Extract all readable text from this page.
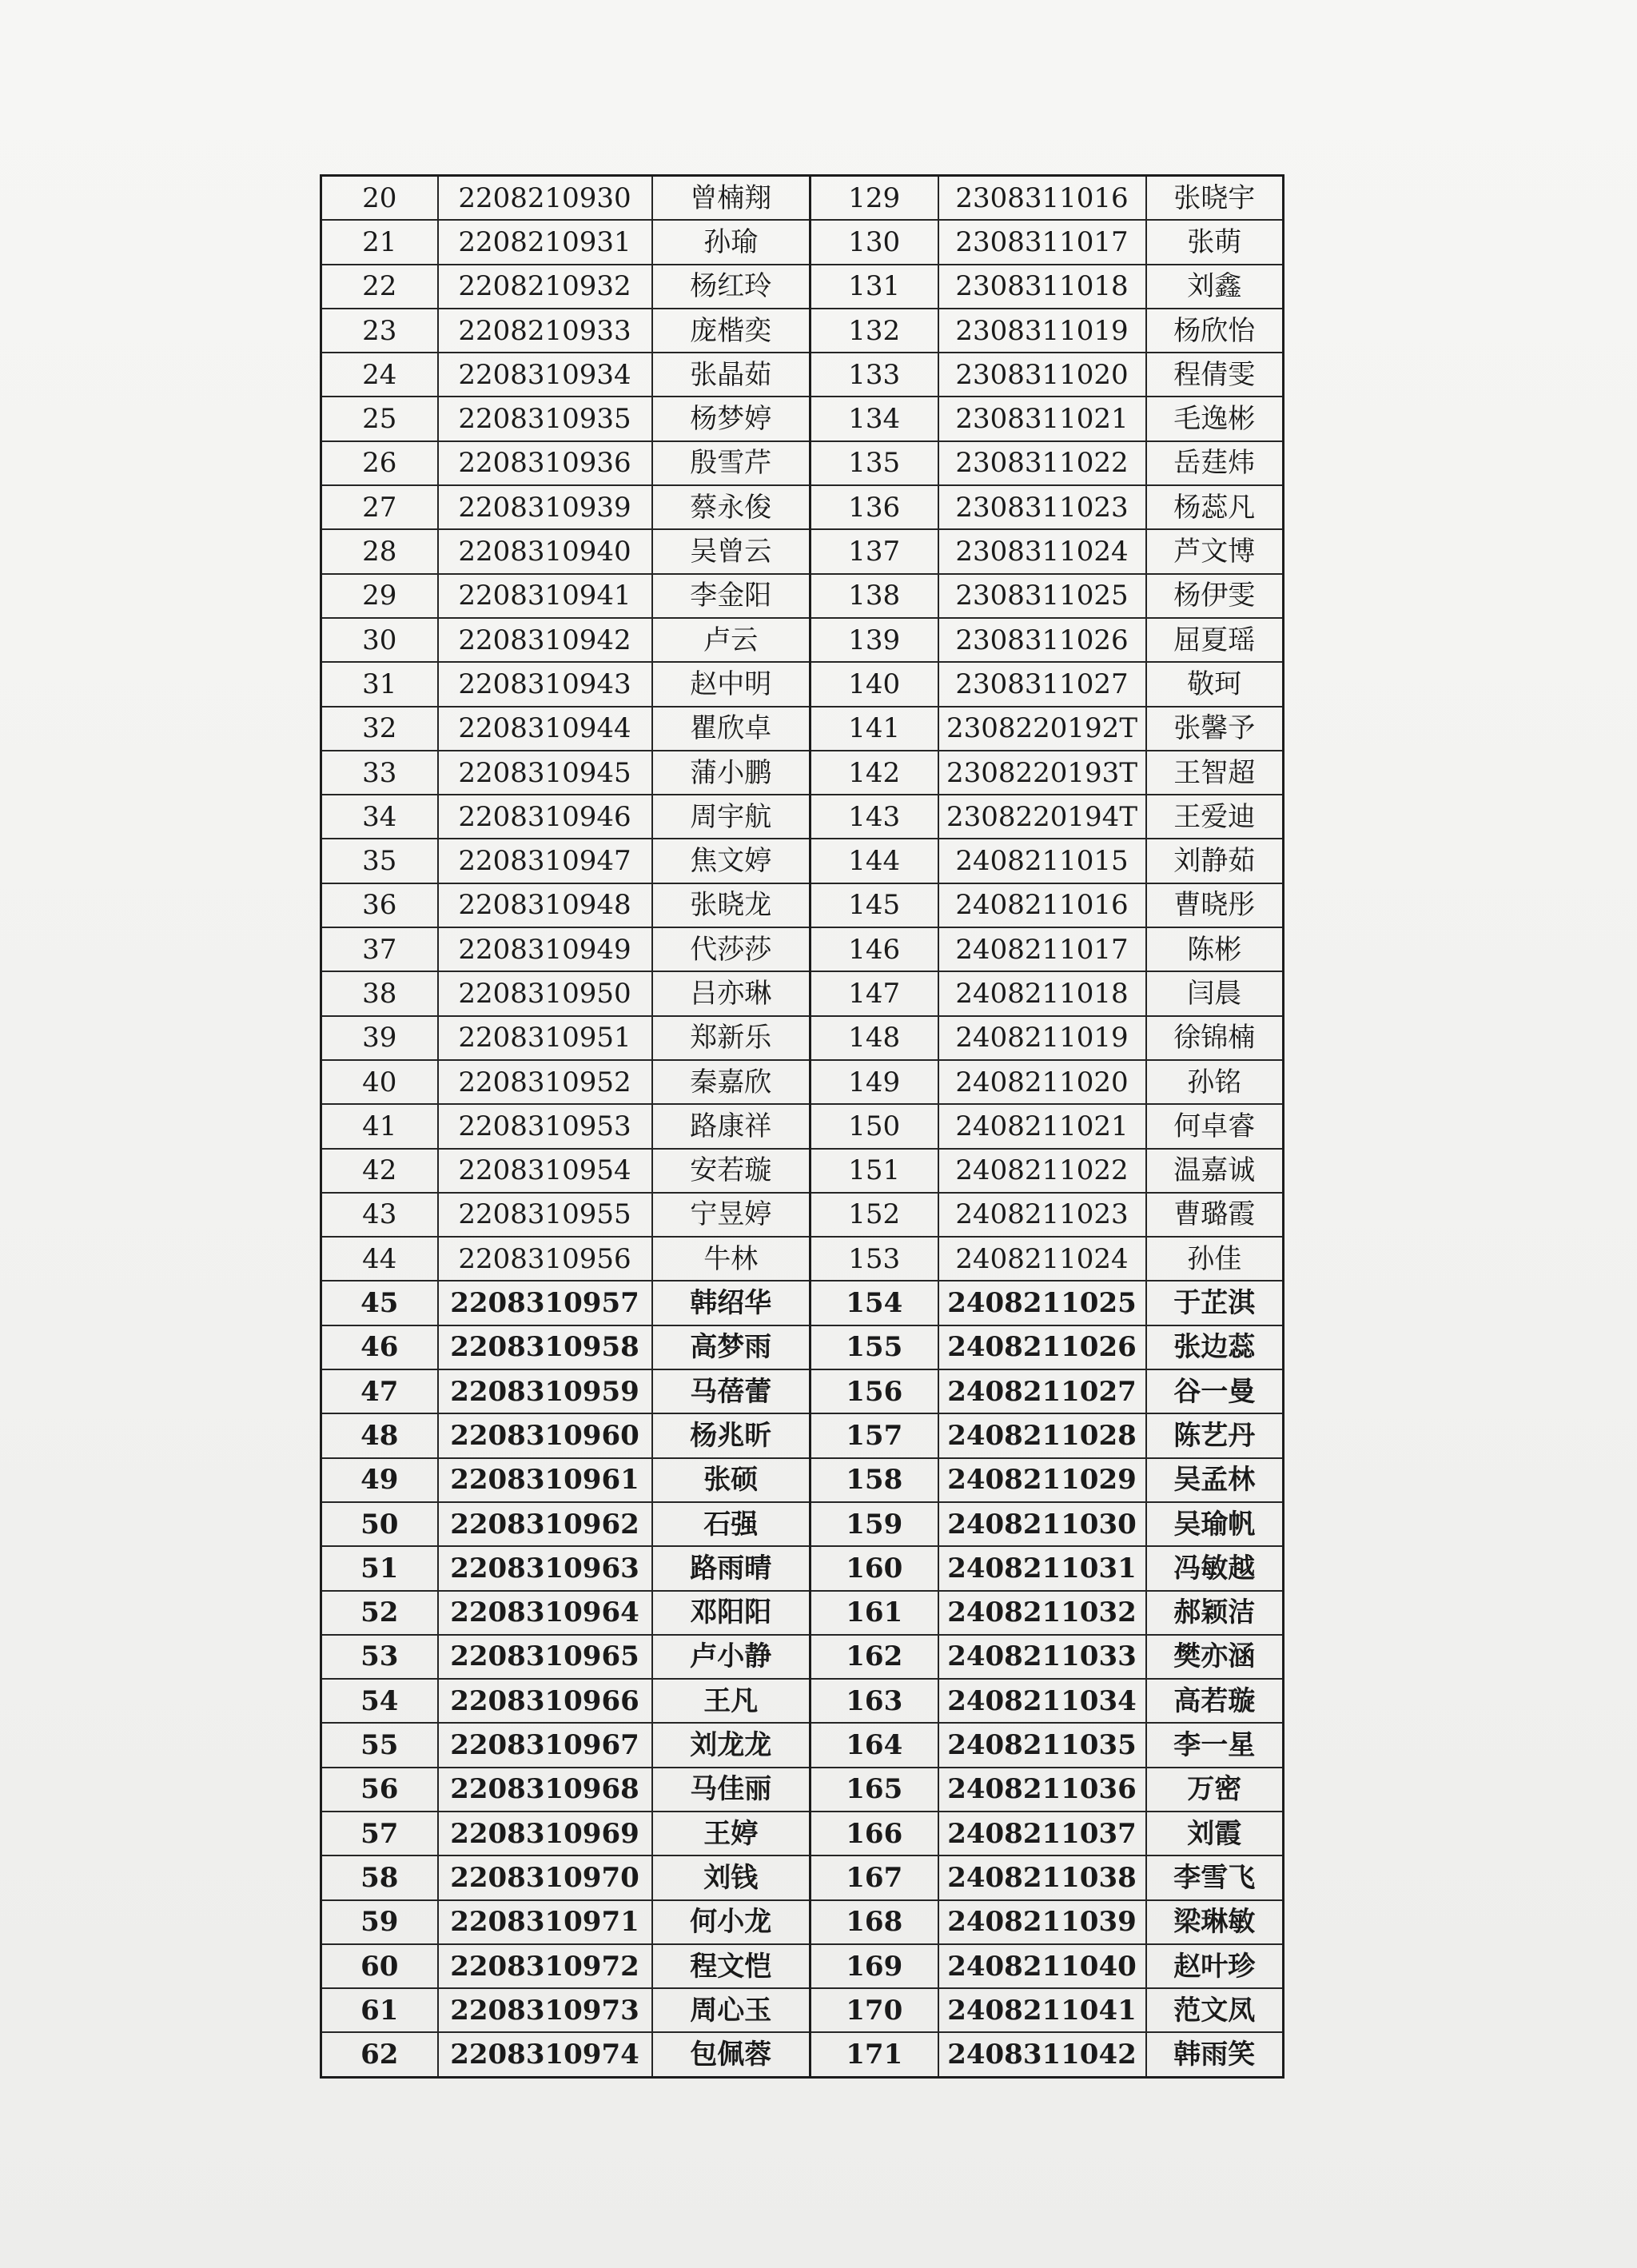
20	2208210930	曾楠翔	129	2308311016	张晓宇
21	2208210931	孙瑜	130	2308311017	张萌
22	2208210932	杨红玲	131	2308311018	刘鑫
23	2208210933	庞楷奕	132	2308311019	杨欣怡
24	2208310934	张晶茹	133	2308311020	程倩雯
25	2208310935	杨梦婷	134	2308311021	毛逸彬
26	2208310936	殷雪芹	135	2308311022	岳莛炜
27	2208310939	蔡永俊	136	2308311023	杨蕊凡
28	2208310940	吴曾云	137	2308311024	芦文博
29	2208310941	李金阳	138	2308311025	杨伊雯
30	2208310942	卢云	139	2308311026	屈夏瑶
31	2208310943	赵中明	140	2308311027	敬珂
32	2208310944	瞿欣卓	141	2308220192T	张馨予
33	2208310945	蒲小鹏	142	2308220193T	王智超
34	2208310946	周宇航	143	2308220194T	王爱迪
35	2208310947	焦文婷	144	2408211015	刘静茹
36	2208310948	张晓龙	145	2408211016	曹晓彤
37	2208310949	代莎莎	146	2408211017	陈彬
38	2208310950	吕亦琳	147	2408211018	闫晨
39	2208310951	郑新乐	148	2408211019	徐锦楠
40	2208310952	秦嘉欣	149	2408211020	孙铭
41	2208310953	路康祥	150	2408211021	何卓睿
42	2208310954	安若璇	151	2408211022	温嘉诚
43	2208310955	宁昱婷	152	2408211023	曹璐霞
44	2208310956	牛林	153	2408211024	孙佳
45	2208310957	韩绍华	154	2408211025	于芷淇
46	2208310958	高梦雨	155	2408211026	张边蕊
47	2208310959	马蓓蕾	156	2408211027	谷一曼
48	2208310960	杨兆昕	157	2408211028	陈艺丹
49	2208310961	张硕	158	2408211029	吴孟林
50	2208310962	石强	159	2408211030	吴瑜帆
51	2208310963	路雨晴	160	2408211031	冯敏越
52	2208310964	邓阳阳	161	2408211032	郝颖洁
53	2208310965	卢小静	162	2408211033	樊亦涵
54	2208310966	王凡	163	2408211034	高若璇
55	2208310967	刘龙龙	164	2408211035	李一星
56	2208310968	马佳丽	165	2408211036	万密
57	2208310969	王婷	166	2408211037	刘霞
58	2208310970	刘钱	167	2408211038	李雪飞
59	2208310971	何小龙	168	2408211039	梁琳敏
60	2208310972	程文恺	169	2408211040	赵叶珍
61	2208310973	周心玉	170	2408211041	范文凤
62	2208310974	包佩蓉	171	2408311042	韩雨笑
